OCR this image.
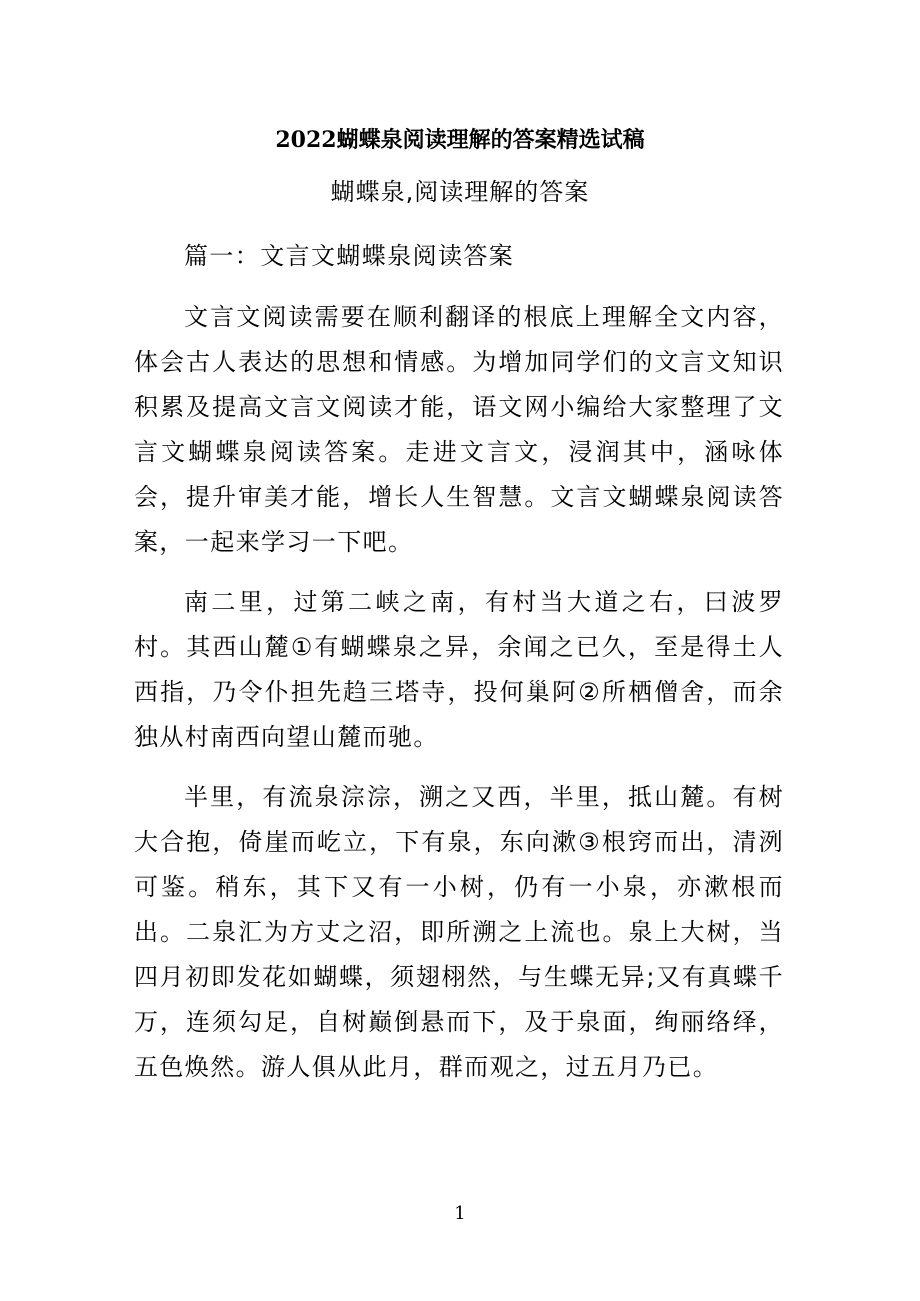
2022蝴蝶泉阅读理解的答案精选试稿

蝴蝶泉,阅读理解的答案

篇一：文言文蝴蝶泉阅读答案

文言文阅读需要在顺利翻译的根底上理解全文内容，体会古人表达的思想和情感。为增加同学们的文言文知识积累及提高文言文阅读才能，语文网小编给大家整理了文言文蝴蝶泉阅读答案。走进文言文，浸润其中，涵咏体会，提升审美才能，增长人生智慧。文言文蝴蝶泉阅读答案，一起来学习一下吧。

南二里，过第二峡之南，有村当大道之右，曰波罗村。其西山麓①有蝴蝶泉之异，余闻之已久，至是得土人西指，乃令仆担先趋三塔寺，投何巢阿②所栖僧舍，而余独从村南西向望山麓而驰。

半里，有流泉淙淙，溯之又西，半里，抵山麓。有树大合抱，倚崖而屹立，下有泉，东向漱③根窍而出，清洌可鉴。稍东，其下又有一小树，仍有一小泉，亦漱根而出。二泉汇为方丈之沼，即所溯之上流也。泉上大树，当四月初即发花如蝴蝶，须翅栩然，与生蝶无异;又有真蝶千万，连须勾足，自树巅倒悬而下，及于泉面，绚丽络绎，五色焕然。游人俱从此月，群而观之，过五月乃已。

1
